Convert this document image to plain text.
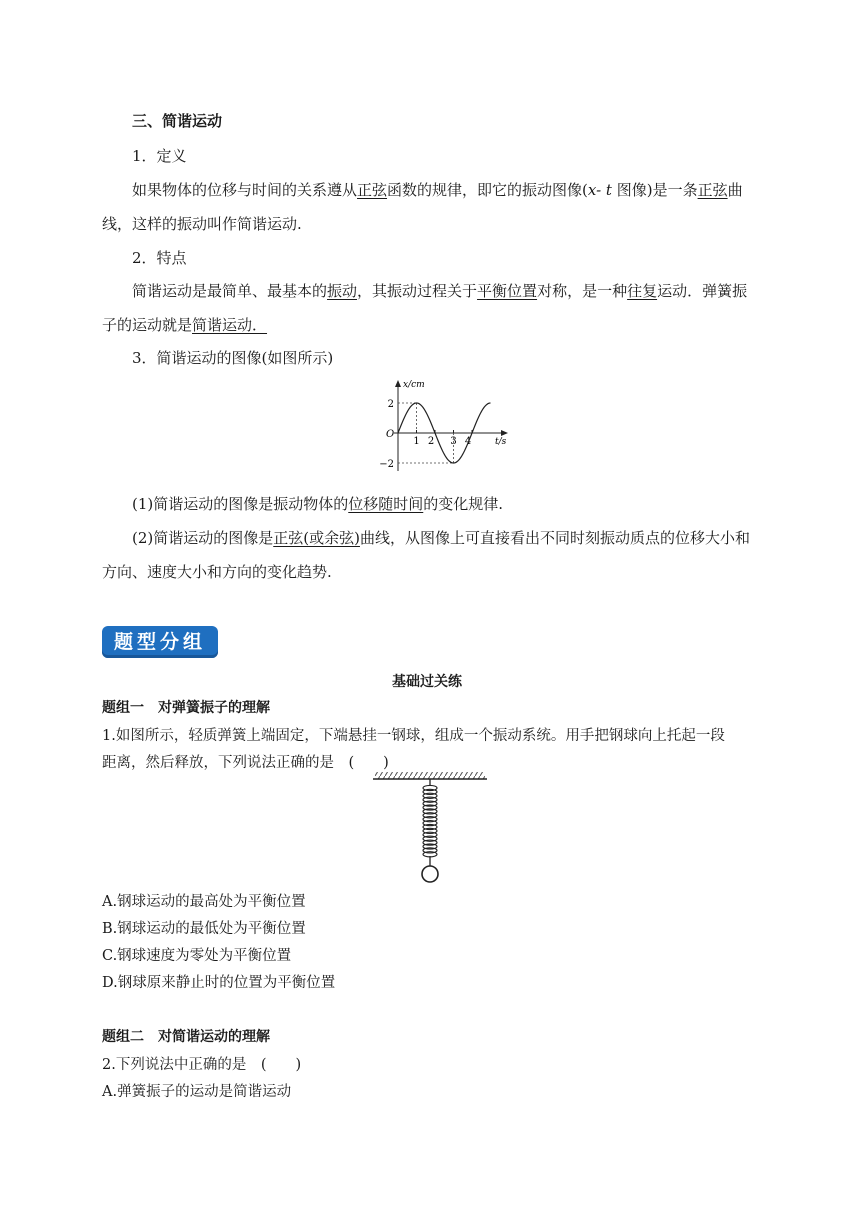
三、简谐运动
1．定义
如果物体的位移与时间的关系遵从正弦函数的规律，即它的振动图像(x- t 图像)是一条正弦曲
线，这样的振动叫作简谐运动.
2．特点
简谐运动是最简单、最基本的振动，其振动过程关于平衡位置对称，是一种往复运动．弹簧振
子的运动就是简谐运动．
3．简谐运动的图像(如图所示)
x/cm
t/s
O
2
−2
1 2 3 4
(1)简谐运动的图像是振动物体的位移随时间的变化规律.
(2)简谐运动的图像是正弦(或余弦)曲线，从图像上可直接看出不同时刻振动质点的位移大小和
方向、速度大小和方向的变化趋势.
题型分组
基础过关练
题组一　对弹簧振子的理解
1.如图所示，轻质弹簧上端固定，下端悬挂一钢球，组成一个振动系统。用手把钢球向上托起一段
距离，然后释放，下列说法正确的是　(　　)
A.钢球运动的最高处为平衡位置
B.钢球运动的最低处为平衡位置
C.钢球速度为零处为平衡位置
D.钢球原来静止时的位置为平衡位置
题组二　对简谐运动的理解
2.下列说法中正确的是　(　　)
A.弹簧振子的运动是简谐运动
